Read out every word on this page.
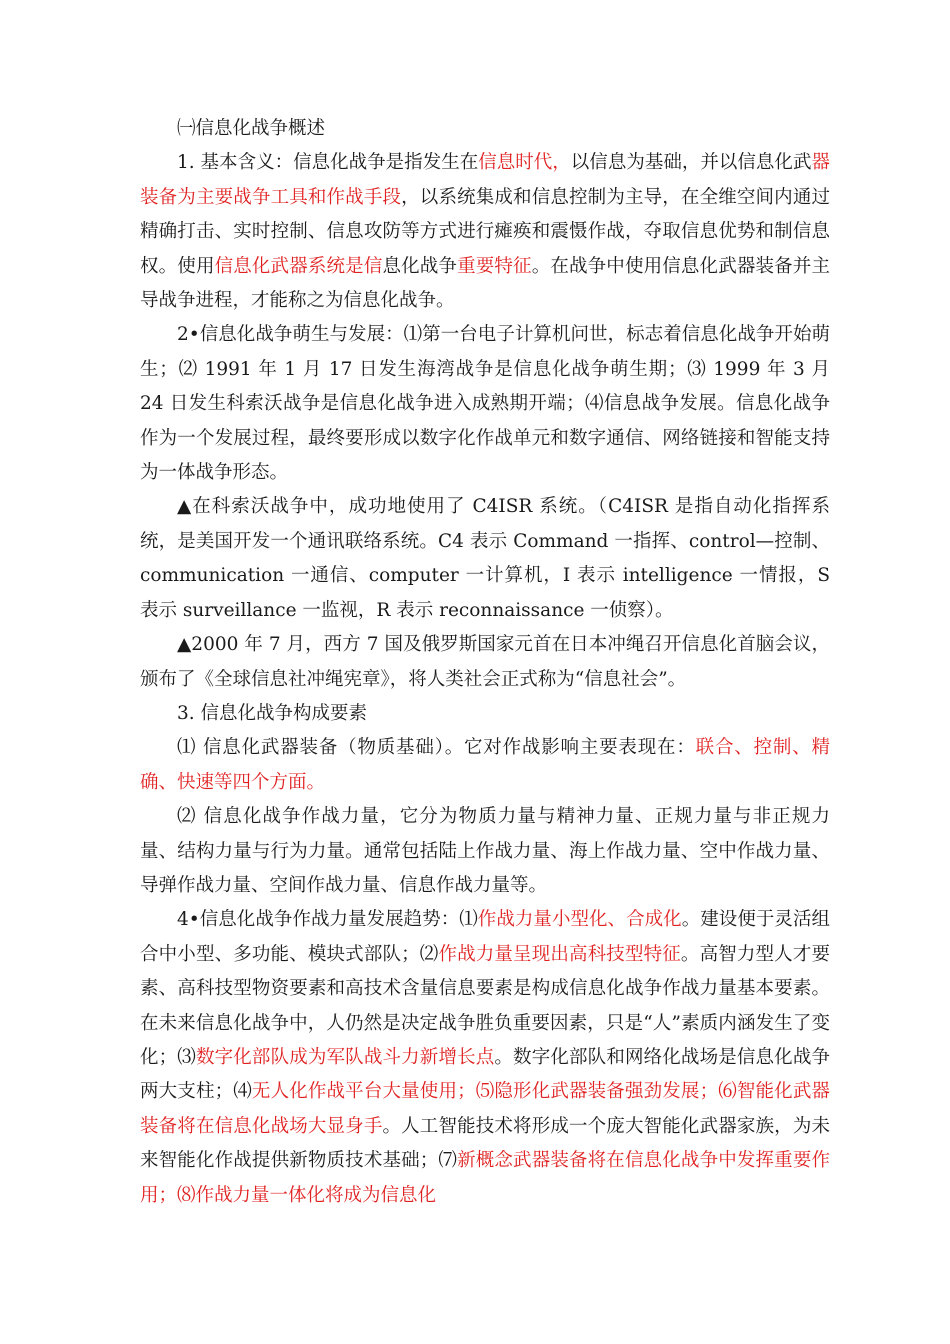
㈠信息化战争概述

1. 基本含义：信息化战争是指发生在信息时代，以信息为基础，并以信息化武器装备为主要战争工具和作战手段，以系统集成和信息控制为主导，在全维空间内通过精确打击、实时控制、信息攻防等方式进行瘫痪和震慑作战，夺取信息优势和制信息权。使用信息化武器系统是信息化战争重要特征。在战争中使用信息化武器装备并主导战争进程，才能称之为信息化战争。

2•信息化战争萌生与发展：⑴第一台电子计算机问世，标志着信息化战争开始萌生；⑵ 1991 年 1 月 17 日发生海湾战争是信息化战争萌生期；⑶ 1999 年 3 月 24 日发生科索沃战争是信息化战争进入成熟期开端；⑷信息战争发展。信息化战争作为一个发展过程，最终要形成以数字化作战单元和数字通信、网络链接和智能支持为一体战争形态。

▲在科索沃战争中，成功地使用了 C4ISR 系统。（C4ISR 是指自动化指挥系统，是美国开发一个通讯联络系统。C4 表示 Command 一指挥、control—控制、communication 一通信、computer 一计算机，I 表示 intelligence 一情报，S 表示 surveillance 一监视，R 表示 reconnaissance 一侦察）。

▲2000 年 7 月，西方 7 国及俄罗斯国家元首在日本冲绳召开信息化首脑会议，颁布了《全球信息社冲绳宪章》，将人类社会正式称为“信息社会”。

3. 信息化战争构成要素

⑴ 信息化武器装备（物质基础）。它对作战影响主要表现在：联合、控制、精确、快速等四个方面。

⑵ 信息化战争作战力量，它分为物质力量与精神力量、正规力量与非正规力量、结构力量与行为力量。通常包括陆上作战力量、海上作战力量、空中作战力量、导弹作战力量、空间作战力量、信息作战力量等。

4•信息化战争作战力量发展趋势：⑴作战力量小型化、合成化。建设便于灵活组合中小型、多功能、模块式部队；⑵作战力量呈现出高科技型特征。高智力型人才要素、高科技型物资要素和高技术含量信息要素是构成信息化战争作战力量基本要素。在未来信息化战争中，人仍然是决定战争胜负重要因素，只是“人”素质内涵发生了变化；⑶数字化部队成为军队战斗力新增长点。数字化部队和网络化战场是信息化战争两大支柱；⑷无人化作战平台大量使用；⑸隐形化武器装备强劲发展；⑹智能化武器装备将在信息化战场大显身手。人工智能技术将形成一个庞大智能化武器家族，为未来智能化作战提供新物质技术基础；⑺新概念武器装备将在信息化战争中发挥重要作用；⑻作战力量一体化将成为信息化
